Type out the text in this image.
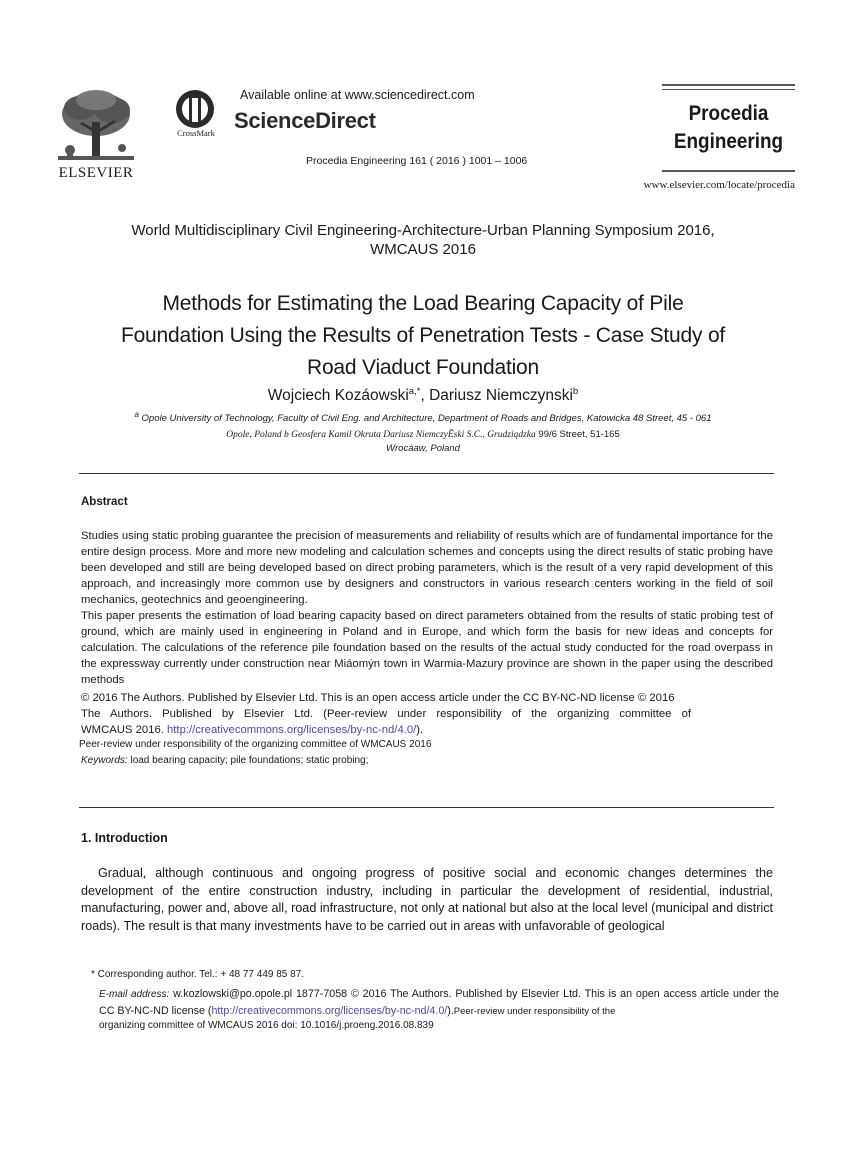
ELSEVIER
CrossMark
Available online at www.sciencedirect.com
ScienceDirect
Procedia Engineering 161 ( 2016 ) 1001 – 1006
Procedia
Engineering
www.elsevier.com/locate/procedia
World Multidisciplinary Civil Engineering-Architecture-Urban Planning Symposium 2016,
WMCAUS 2016
Methods for Estimating the Load Bearing Capacity of Pile
Foundation Using the Results of Penetration Tests - Case Study of
Road Viaduct Foundation
Wojciech Kozáowski$^{a,*}$, Dariusz Niemczynski$^b$
$^a$ Opole University of Technology, Faculty of Civil Eng. and Architecture, Department of Roads and Bridges, Katowicka 48 Street, 45 - 061
Opole, Poland b Geosfera Kamil Okruta Dariusz NiemczyĔski S.C., Grudziądzka 99/6 Street, 51-165
Wrocáaw, Poland
Abstract
Studies using static probing guarantee the precision of measurements and reliability of results which are of fundamental importance for the entire design process. More and more new modeling and calculation schemes and concepts using the direct results of static probing have been developed and still are being developed based on direct probing parameters, which is the result of a very rapid development of this approach, and increasingly more common use by designers and constructors in various research centers working in the field of soil mechanics, geotechnics and geoengineering.
This paper presents the estimation of load bearing capacity based on direct parameters obtained from the results of static probing test of ground, which are mainly used in engineering in Poland and in Europe, and which form the basis for new ideas and concepts for calculation. The calculations of the reference pile foundation based on the results of the actual study conducted for the road overpass in the expressway currently under construction near Miáomýn town in Warmia-Mazury province are shown in the paper using the described methods
© 2016 The Authors. Published by Elsevier Ltd. This is an open access article under the CC BY-NC-ND license © 2016
The Authors. Published by Elsevier Ltd. (Peer-review under responsibility of the organizing committee of
WMCAUS 2016. http://creativecommons.org/licenses/by-nc-nd/4.0/).
Peer-review under responsibility of the organizing committee of WMCAUS 2016
Keywords: load bearing capacity; pile foundations; static probing;
1. Introduction
Gradual, although continuous and ongoing progress of positive social and economic changes determines the development of the entire construction industry, including in particular the development of residential, industrial, manufacturing, power and, above all, road infrastructure, not only at national but also at the local level (municipal and district roads). The result is that many investments have to be carried out in areas with unfavorable of geological
* Corresponding author. Tel.: + 48 77 449 85 87.
E-mail address: w.kozlowski@po.opole.pl 1877-7058 © 2016 The Authors. Published by Elsevier Ltd. This is an open access article under the CC BY-NC-ND license (http://creativecommons.org/licenses/by-nc-nd/4.0/).Peer-review under responsibility of the
organizing committee of WMCAUS 2016 doi: 10.1016/j.proeng.2016.08.839
